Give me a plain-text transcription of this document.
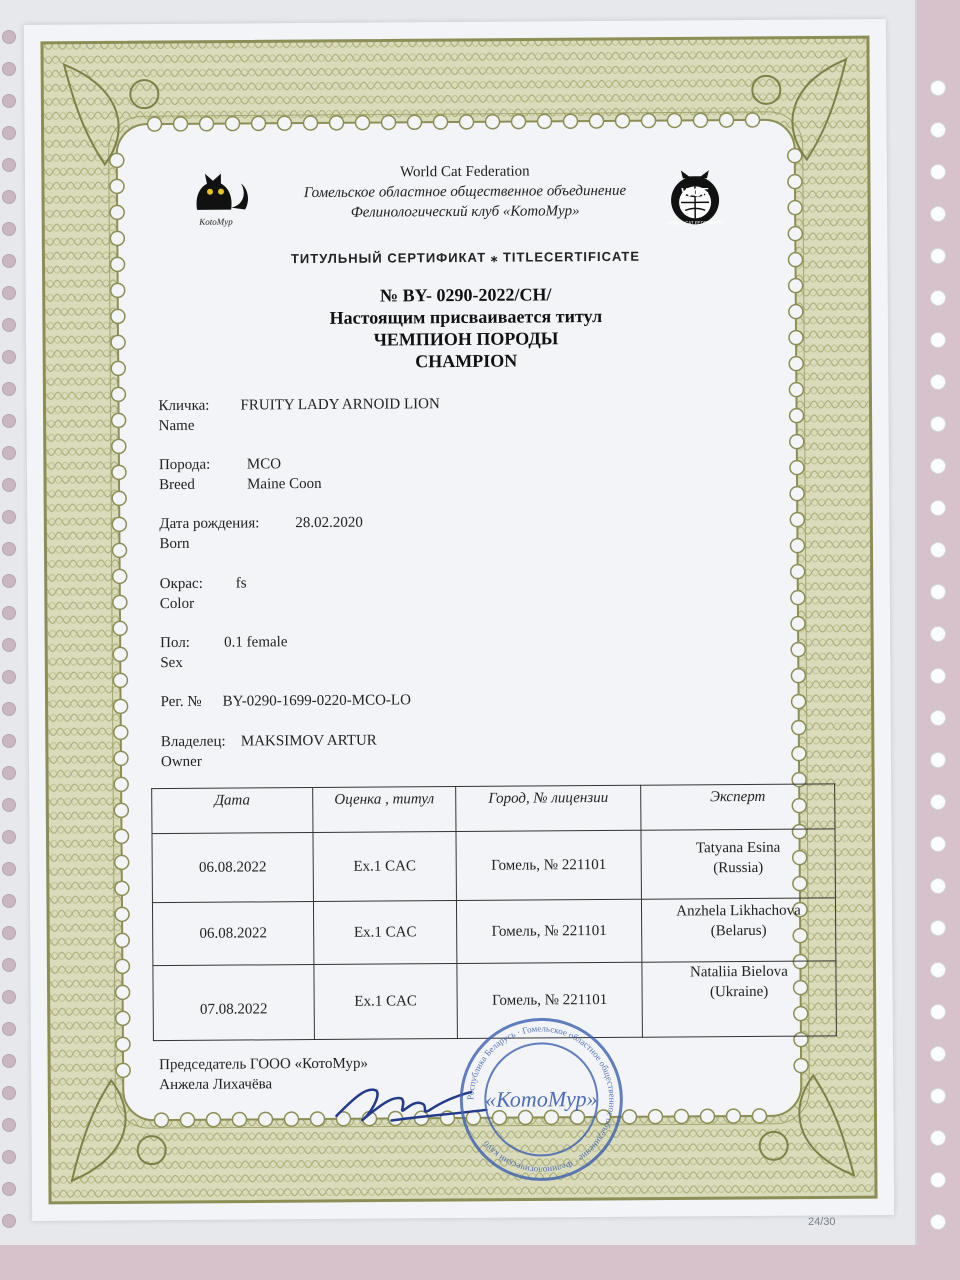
24/30
KotoMyp
World Cat Federation
Гомельское областное общественное объединение
Фелинологический клуб «КотоМур»
WCF
WORLD CAT FEDERATION
ТИТУЛЬНЫЙ СЕРТИФИКАТ ⁎ TITLECERTIFICATE
№ BY- 0290-2022/CH/
Настоящим присваивается титул
ЧЕМПИОН ПОРОДЫ
CHAMPION
Кличка:
Name
FRUITY LADY ARNOID LION
Порода:
Breed
MCO
Maine Coon
Дата рождения:
Born
28.02.2020
Окрас:
Color
fs
Пол:
Sex
0.1 female
Рег. № BY-0290-1699-0220-MCO-LO
Владелец:
Owner
MAKSIMOV ARTUR
Дата	Оценка , титул	Город, № лицензии	Эксперт
06.08.2022	Ex.1 CAC	Гомель, № 221101	Tatyana Esina
(Russia)

06.08.2022	Ex.1 CAC	Гомель, № 221101	Anzhela Likhachova
(Belarus)

07.08.2022	Ex.1 CAC	Гомель, № 221101	Nataliia Bielova
(Ukraine)
Председатель ГООО «КотоМур»
Анжела Лихачёва
Республика Беларусь · Гомельское областное общественное объединение · Фелинологический клуб
«КотоМур»
